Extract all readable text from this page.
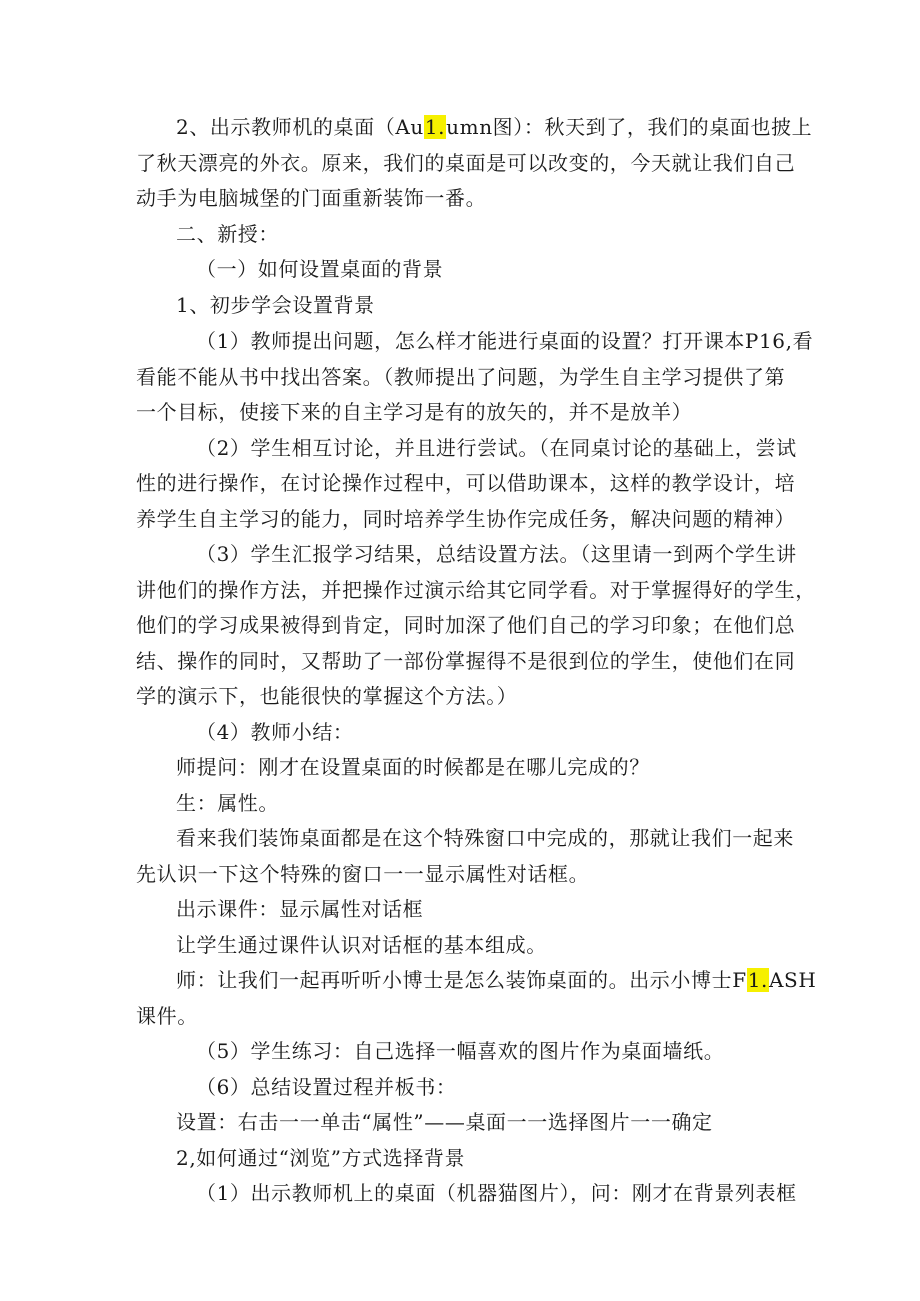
2、出示教师机的桌面（Au1.umn图）：秋天到了，我们的桌面也披上
了秋天漂亮的外衣。原来，我们的桌面是可以改变的，今天就让我们自己
动手为电脑城堡的门面重新装饰一番。
二、新授：
（一）如何设置桌面的背景
1、初步学会设置背景
（1）教师提出问题，怎么样才能进行桌面的设置？打开课本P16,看
看能不能从书中找出答案。（教师提出了问题，为学生自主学习提供了第
一个目标，使接下来的自主学习是有的放矢的，并不是放羊）
（2）学生相互讨论，并且进行尝试。（在同桌讨论的基础上，尝试
性的进行操作，在讨论操作过程中，可以借助课本，这样的教学设计，培
养学生自主学习的能力，同时培养学生协作完成任务，解决问题的精神）
（3）学生汇报学习结果，总结设置方法。（这里请一到两个学生讲
讲他们的操作方法，并把操作过演示给其它同学看。对于掌握得好的学生，
他们的学习成果被得到肯定，同时加深了他们自己的学习印象；在他们总
结、操作的同时，又帮助了一部份掌握得不是很到位的学生，使他们在同
学的演示下，也能很快的掌握这个方法。）
（4）教师小结：
师提问：刚才在设置桌面的时候都是在哪儿完成的？
生：属性。
看来我们装饰桌面都是在这个特殊窗口中完成的，那就让我们一起来
先认识一下这个特殊的窗口一一显示属性对话框。
出示课件：显示属性对话框
让学生通过课件认识对话框的基本组成。
师：让我们一起再听听小博士是怎么装饰桌面的。出示小博士F1.ASH
课件。
（5）学生练习：自己选择一幅喜欢的图片作为桌面墙纸。
（6）总结设置过程并板书：
设置：右击一一单击“属性”——桌面一一选择图片一一确定
2,如何通过“浏览”方式选择背景
（1）出示教师机上的桌面（机器猫图片），问：刚才在背景列表框
